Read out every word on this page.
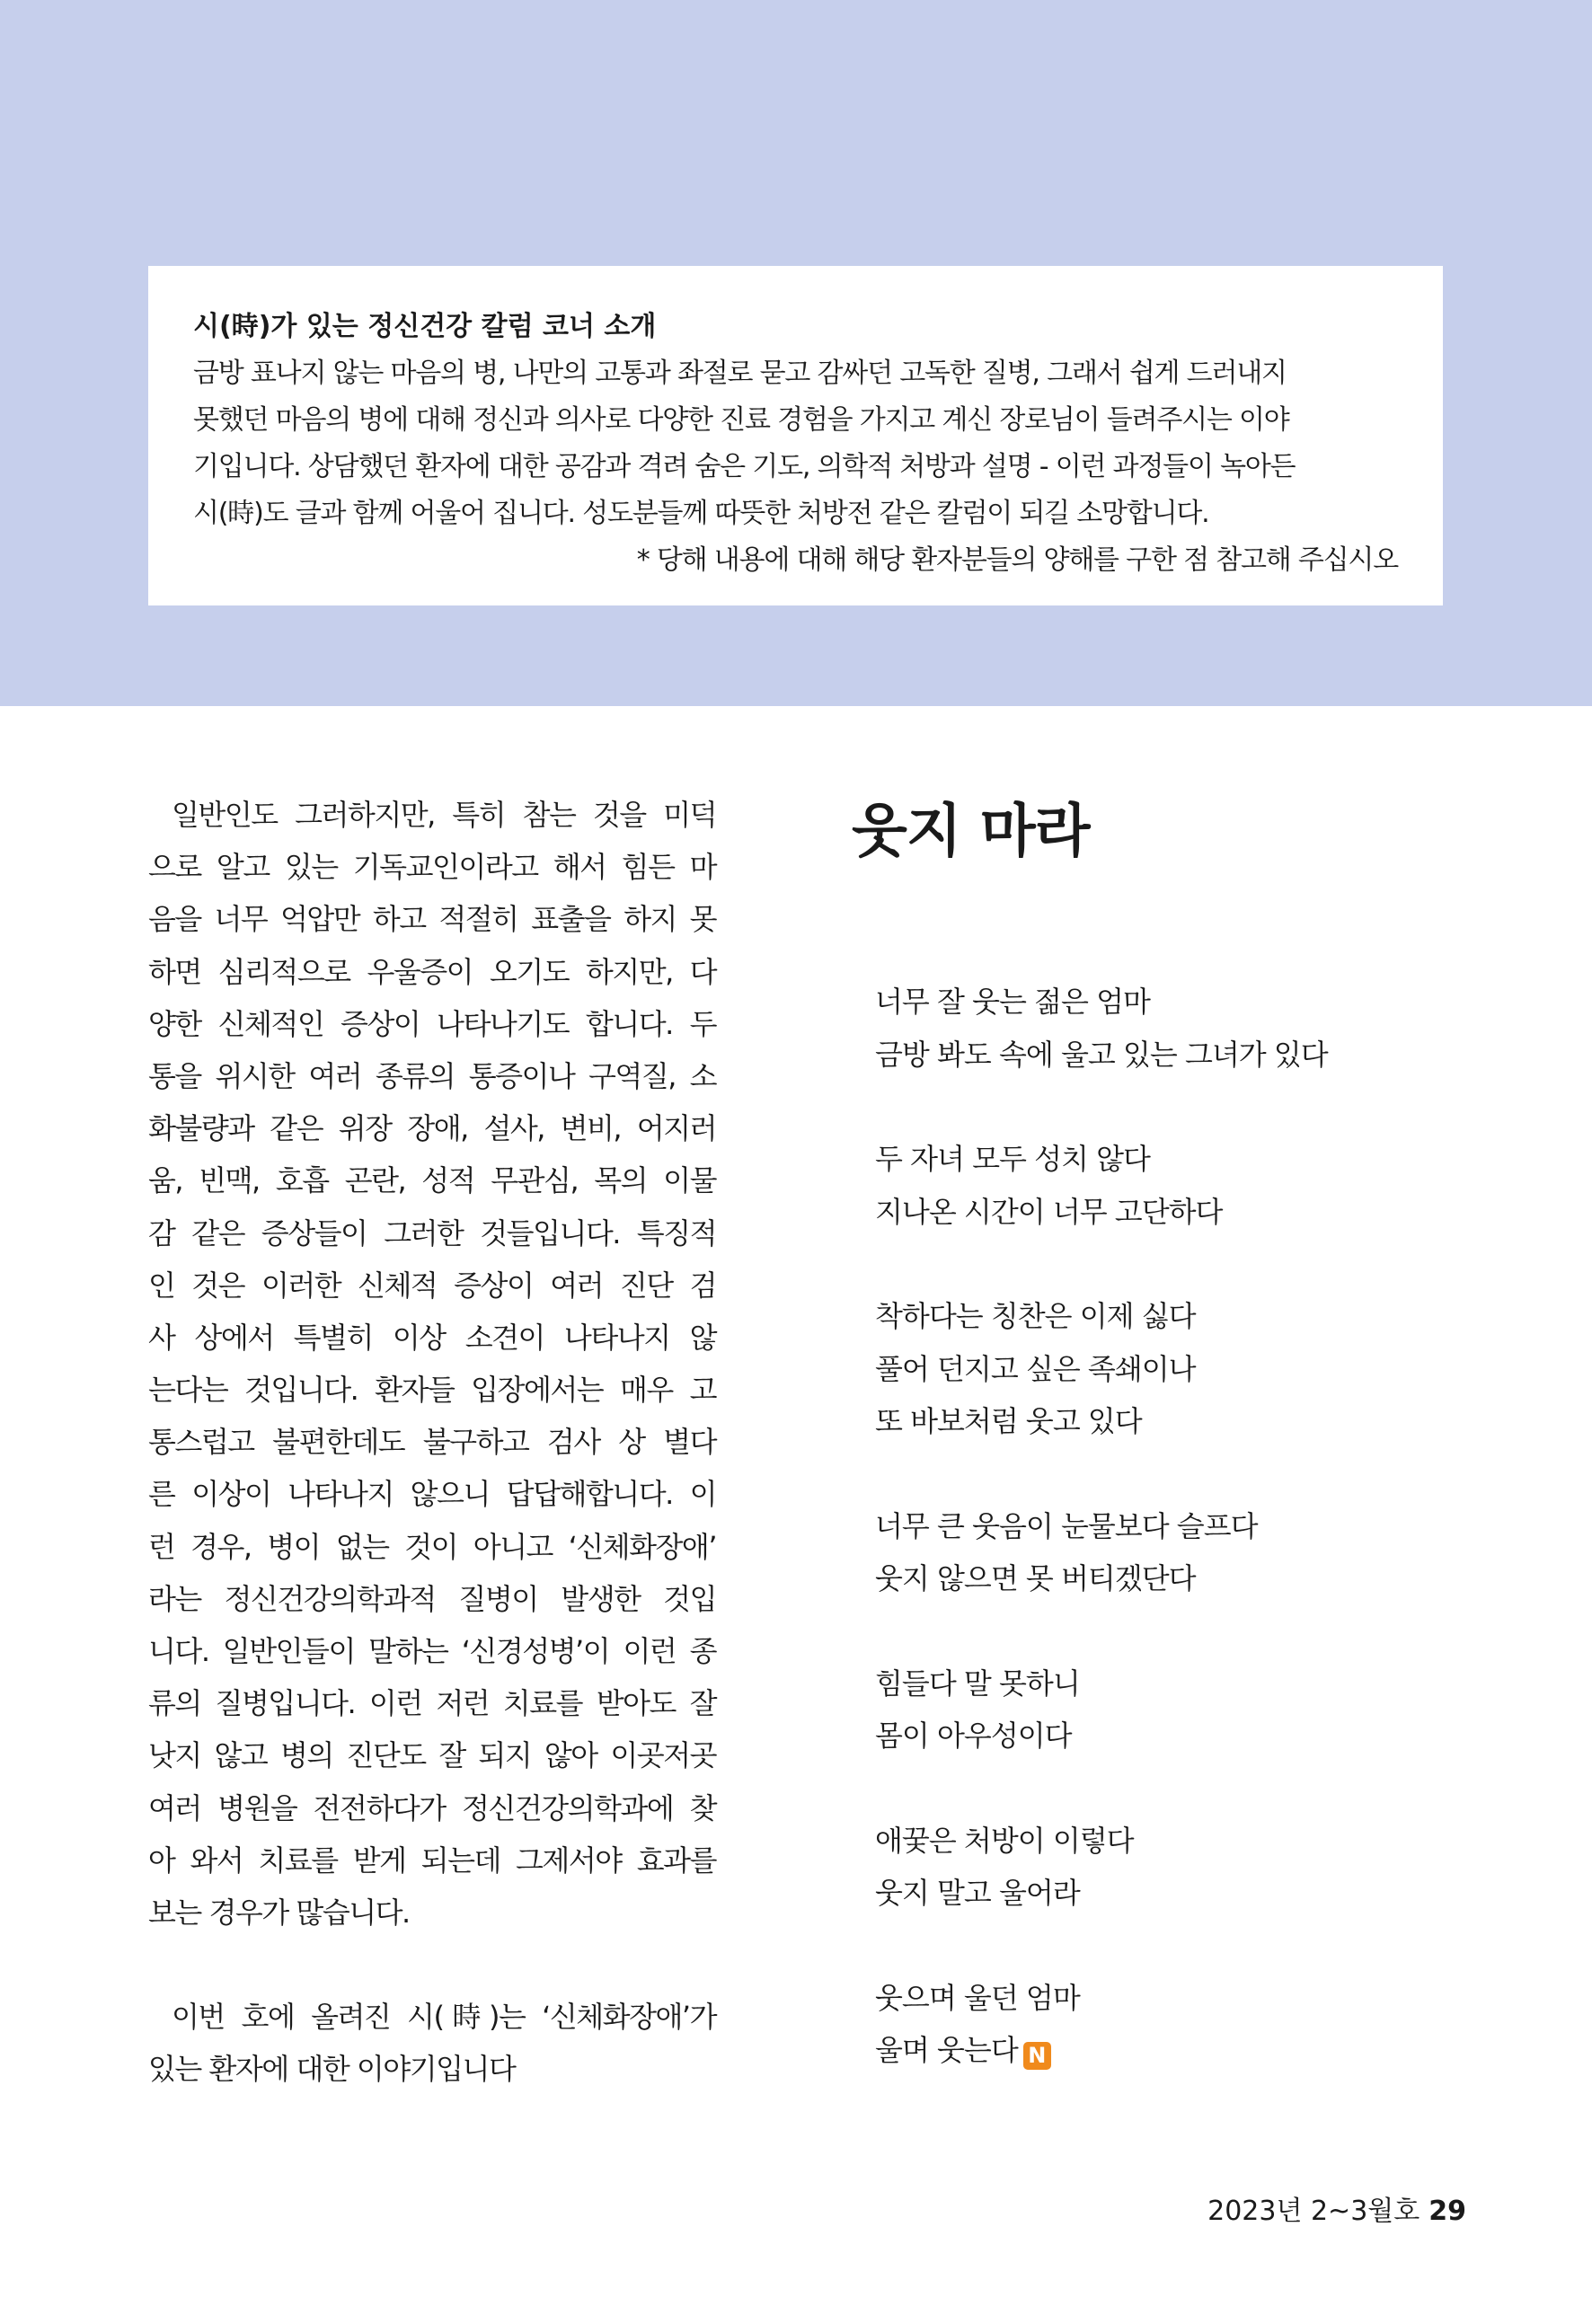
시(時)가 있는 정신건강 칼럼 코너 소개

금방 표나지 않는 마음의 병, 나만의 고통과 좌절로 묻고 감싸던 고독한 질병, 그래서 쉽게 드러내지

못했던 마음의 병에 대해 정신과 의사로 다양한 진료 경험을 가지고 계신 장로님이 들려주시는 이야

기입니다. 상담했던 환자에 대한 공감과 격려 숨은 기도, 의학적 처방과 설명 - 이런 과정들이 녹아든

시(時)도 글과 함께 어울어 집니다. 성도분들께 따뜻한 처방전 같은 칼럼이 되길 소망합니다.

* 당해 내용에 대해 해당 환자분들의 양해를 구한 점 참고해 주십시오

일반인도 그러하지만, 특히 참는 것을 미덕

으로 알고 있는 기독교인이라고 해서 힘든 마

음을 너무 억압만 하고 적절히 표출을 하지 못

하면 심리적으로 우울증이 오기도 하지만, 다

양한 신체적인 증상이 나타나기도 합니다. 두

통을 위시한 여러 종류의 통증이나 구역질, 소

화불량과 같은 위장 장애, 설사, 변비, 어지러

움, 빈맥, 호흡 곤란, 성적 무관심, 목의 이물

감 같은 증상들이 그러한 것들입니다. 특징적

인 것은 이러한 신체적 증상이 여러 진단 검

사 상에서 특별히 이상 소견이 나타나지 않

는다는 것입니다. 환자들 입장에서는 매우 고

통스럽고 불편한데도 불구하고 검사 상 별다

른 이상이 나타나지 않으니 답답해합니다. 이

런 경우, 병이 없는 것이 아니고 ‘신체화장애’

라는 정신건강의학과적 질병이 발생한 것입

니다. 일반인들이 말하는 ‘신경성병’이 이런 종

류의 질병입니다. 이런 저런 치료를 받아도 잘

낫지 않고 병의 진단도 잘 되지 않아 이곳저곳

여러 병원을 전전하다가 정신건강의학과에 찾

아 와서 치료를 받게 되는데 그제서야 효과를

보는 경우가 많습니다.

이번 호에 올려진 시(時)는 ‘신체화장애’가

있는 환자에 대한 이야기입니다

웃지 마라

너무 잘 웃는 젊은 엄마

금방 봐도 속에 울고 있는 그녀가 있다

두 자녀 모두 성치 않다

지나온 시간이 너무 고단하다

착하다는 칭찬은 이제 싫다

풀어 던지고 싶은 족쇄이나

또 바보처럼 웃고 있다

너무 큰 웃음이 눈물보다 슬프다

웃지 않으면 못 버티겠단다

힘들다 말 못하니

몸이 아우성이다

애꿎은 처방이 이렇다

웃지 말고 울어라

웃으며 울던 엄마

울며 웃는다 N

2023년 2~3월호 29
